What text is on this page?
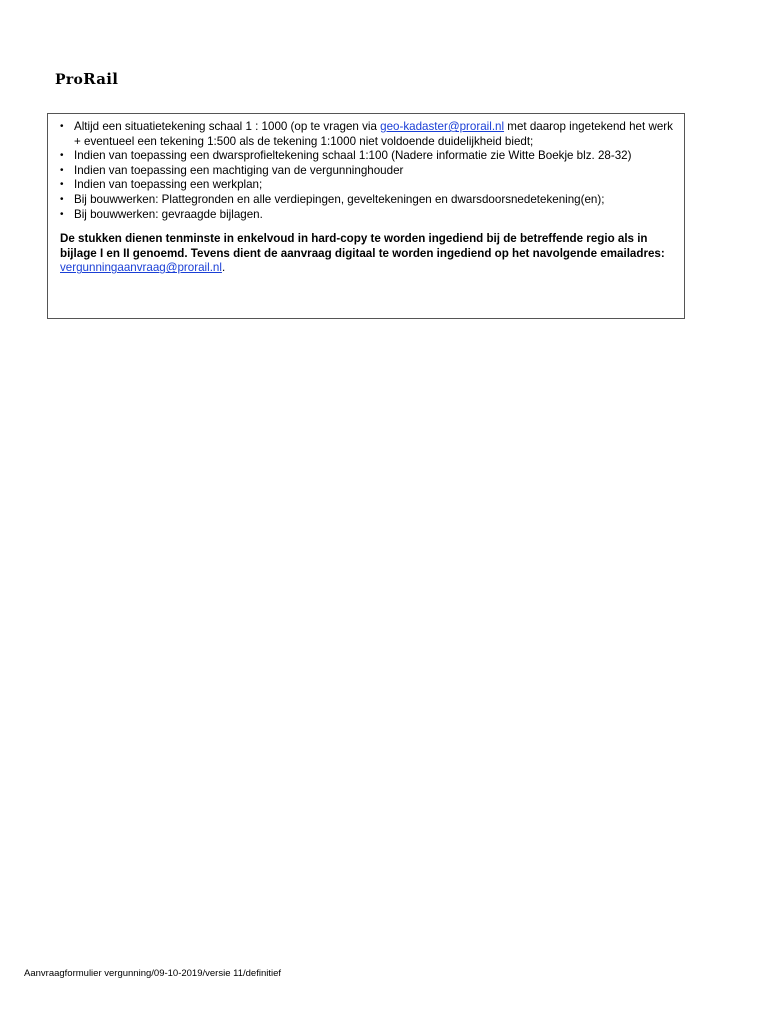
ProRail
• Altijd een situatietekening schaal 1 : 1000 (op te vragen via geo-kadaster@prorail.nl met daarop ingetekend het werk + eventueel een tekening 1:500 als de tekening 1:1000 niet voldoende duidelijkheid biedt;
• Indien van toepassing een dwarsprofieltekening schaal 1:100 (Nadere informatie zie Witte Boekje blz. 28-32)
• Indien van toepassing een machtiging van de vergunninghouder
• Indien van toepassing een werkplan;
• Bij bouwwerken: Plattegronden en alle verdiepingen, geveltekeningen en dwarsdoorsnedetekening(en);
• Bij bouwwerken: gevraagde bijlagen.
De stukken dienen tenminste in enkelvoud in hard-copy te worden ingediend bij de betreffende regio als in bijlage I en II genoemd. Tevens dient de aanvraag digitaal te worden ingediend op het navolgende emailadres: vergunningaanvraag@prorail.nl.
Aanvraagformulier vergunning/09-10-2019/versie 11/definitief
